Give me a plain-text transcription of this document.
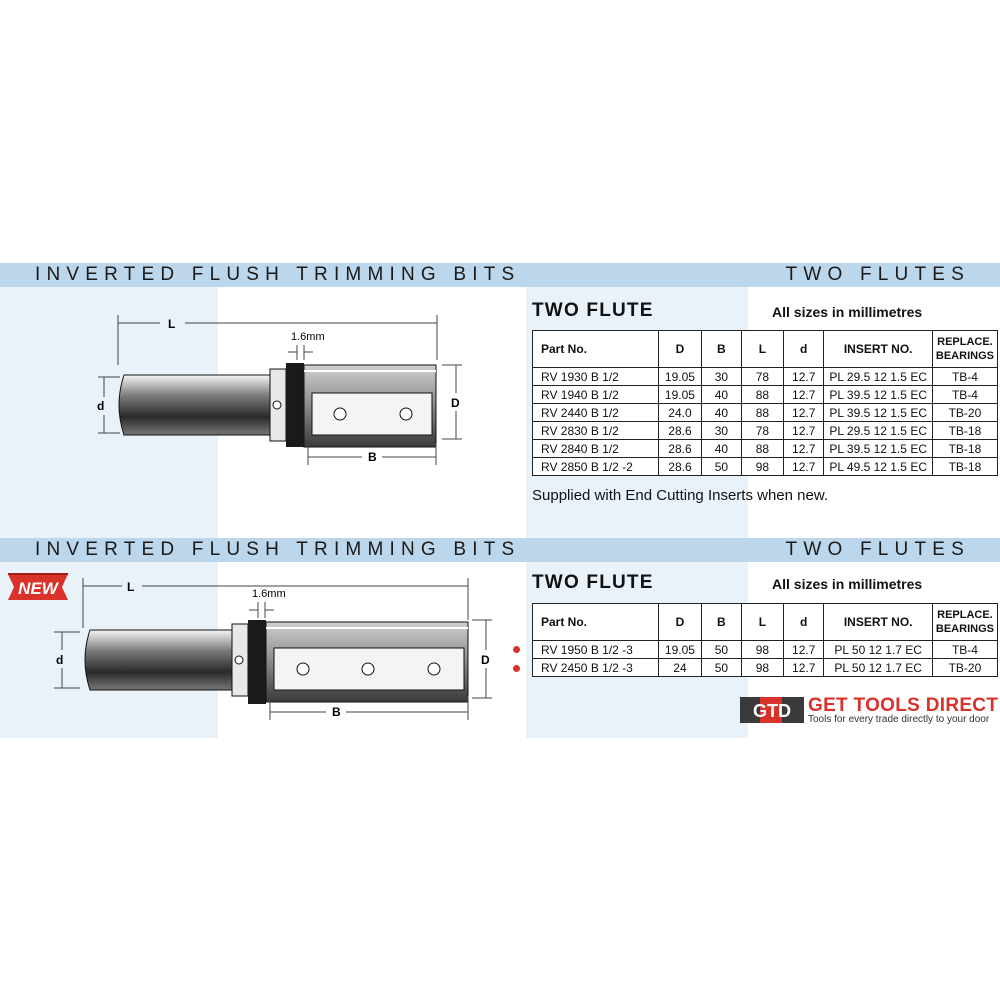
INVERTED FLUSH TRIMMING BITS	TWO FLUTES
L
1.6mm
d	D
B
TWO FLUTE	All sizes in millimetres
Part No.	D	B	L	d	INSERT NO.	REPLACE.
BEARINGS
RV 1930 B 1/2	19.05	30	78	12.7	PL 29.5 12 1.5 EC	TB-4
RV 1940 B 1/2	19.05	40	88	12.7	PL 39.5 12 1.5 EC	TB-4
RV 2440 B 1/2	24.0	40	88	12.7	PL 39.5 12 1.5 EC	TB-20
RV 2830 B 1/2	28.6	30	78	12.7	PL 29.5 12 1.5 EC	TB-18
RV 2840 B 1/2	28.6	40	88	12.7	PL 39.5 12 1.5 EC	TB-18
RV 2850 B 1/2 -2	28.6	50	98	12.7	PL 49.5 12 1.5 EC	TB-18
Supplied with End Cutting Inserts when new.
INVERTED FLUSH TRIMMING BITS	TWO FLUTES
NEW	L	1.6mm
d	D
B
TWO FLUTE	All sizes in millimetres
Part No.	D	B	L	d	INSERT NO.	REPLACE.
BEARINGS
RV 1950 B 1/2 -3	19.05	50	98	12.7	PL 50 12 1.7 EC	TB-4
RV 2450 B 1/2 -3	24	50	98	12.7	PL 50 12 1.7 EC	TB-20
GTD GET TOOLS DIRECT
Tools for every trade directly to your door
